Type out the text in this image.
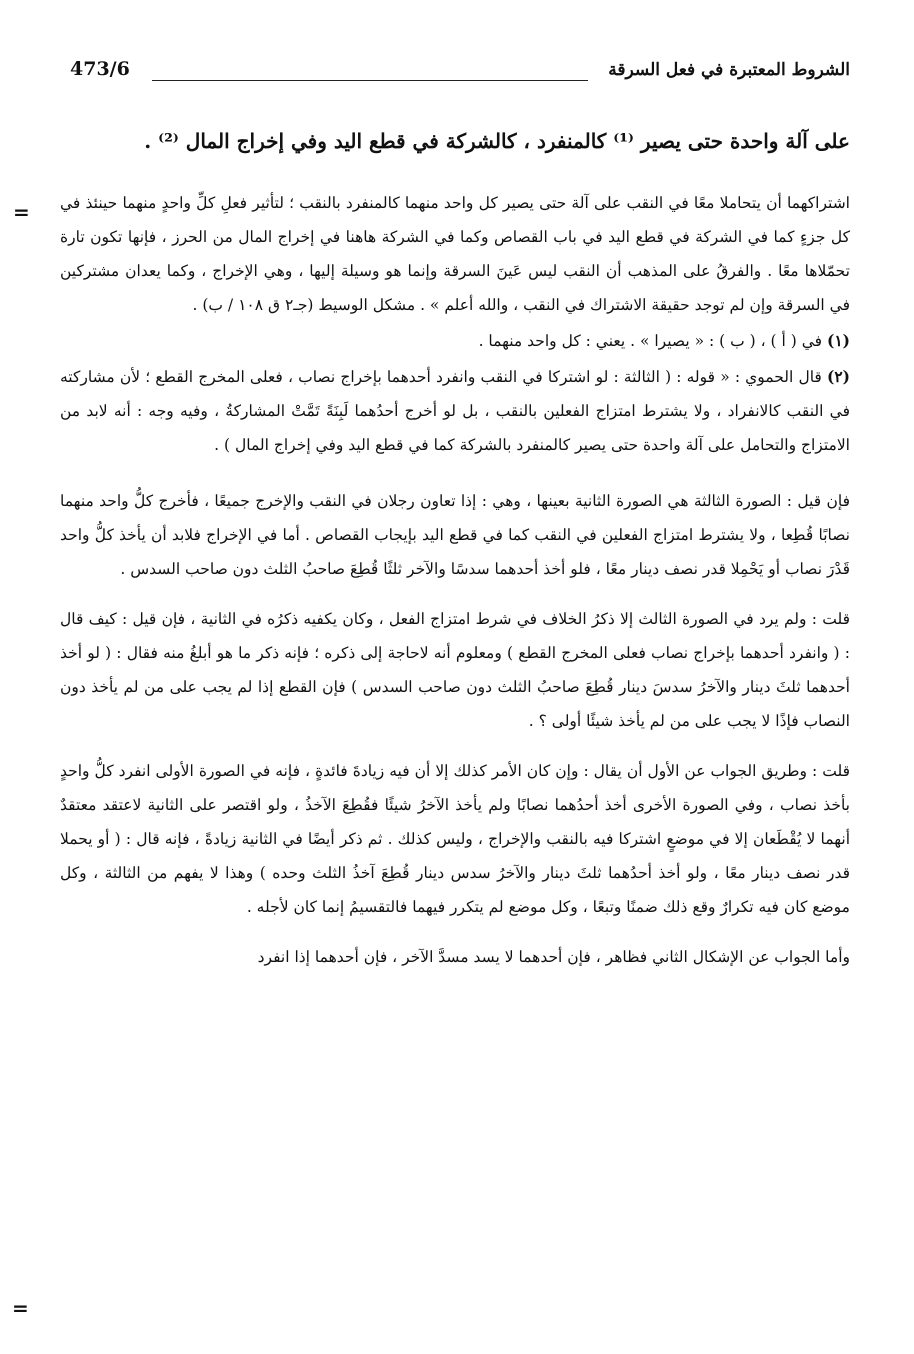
الشروط المعتبرة في فعل السرقة
473/6
على آلة واحدة حتى يصير ⁽¹⁾ كالمنفرد ، كالشركة في قطع اليد وفي إخراج المال ⁽²⁾ .
= اشتراكهما أن يتحاملا معًا في النقب على آلة حتى يصير كل واحد منهما كالمنفرد بالنقب ؛ لتأثير فعلِ كلِّ واحدٍ منهما حينئذ في كل جزءٍ كما في الشركة في قطع اليد في باب القصاص وكما في الشركة هاهنا في إخراج المال من الحرز ، فإنها تكون تارة تحمّلاها معًا . والفرقُ على المذهب أن النقب ليس عَينَ السرقة وإنما هو وسيلة إليها ، وهي الإخراج ، وكما يعدان مشتركين في السرقة وإن لم توجد حقيقة الاشتراك في النقب ، والله أعلم » . مشكل الوسيط (جـ٢ ق ١٠٨ / ب) .

(١) في ( أ ) ، ( ب ) : « يصيرا » . يعني : كل واحد منهما .

(٢) قال الحموي : « قوله : ( الثالثة : لو اشتركا في النقب وانفرد أحدهما بإخراج نصاب ، فعلى المخرج القطع ؛ لأن مشاركته في النقب كالانفراد ، ولا يشترط امتزاج الفعلين بالنقب ، بل لو أخرج أحدُهما لَبِنَةً تَمَّتْ المشاركةُ ، وفيه وجه : أنه لابد من الامتزاج والتحامل على آلة واحدة حتى يصير كالمنفرد بالشركة كما في قطع اليد وفي إخراج المال ) .

فإن قيل : الصورة الثالثة هي الصورة الثانية بعينها ، وهي : إذا تعاون رجلان في النقب والإخرج جميعًا ، فأخرج كلُّ واحد منهما نصابًا قُطِعا ، ولا يشترط امتزاج الفعلين في النقب كما في قطع اليد بإيجاب القصاص . أما في الإخراج فلابد أن يأخذ كلُّ واحد قَدْرَ نصاب أو يَحْمِلا قدر نصف دينار معًا ، فلو أخذ أحدهما سدسًا والآخر ثلثًا قُطِعَ صاحبُ الثلث دون صاحب السدس .

قلت : ولم يرد في الصورة الثالث إلا ذكرُ الخلاف في شرط امتزاج الفعل ، وكان يكفيه ذكرُه في الثانية ، فإن قيل : كيف قال : ( وانفرد أحدهما بإخراج نصاب فعلى المخرج القطع ) ومعلوم أنه لاحاجة إلى ذكره ؛ فإنه ذكر ما هو أبلغُ منه فقال : ( لو أخذ أحدهما ثلثَ دينار والآخرُ سدسَ دينار قُطِعَ صاحبُ الثلث دون صاحب السدس ) فإن القطع إذا لم يجب على من لم يأخذ دون النصاب فإذًا لا يجب على من لم يأخذ شيئًا أولى ؟ .

قلت : وطريق الجواب عن الأول أن يقال : وإن كان الأمر كذلك إلا أن فيه زيادةَ فائدةٍ ، فإنه في الصورة الأولى انفرد كلُّ واحدٍ بأخذ نصاب ، وفي الصورة الأخرى أخذ أحدُهما نصابًا ولم يأخذ الآخرُ شيئًا فقُطِعَ الآخذُ ، ولو اقتصر على الثانية لاعتقد معتقدٌ أنهما لا يُقْطَعان إلا في موضعٍ اشتركا فيه بالنقب والإخراج ، وليس كذلك . ثم ذكر أيضًا في الثانية زيادةً ، فإنه قال : ( أو يحملا قدر نصف دينار معًا ، ولو أخذ أحدُهما ثلثَ دينار والآخرُ سدس دينار قُطِعَ آخذُ الثلث وحده ) وهذا لا يفهم من الثالثة ، وكل موضع كان فيه تكرارٌ وقع ذلك ضمنًا وتبعًا ، وكل موضع لم يتكرر فيهما فالتقسيمُ إنما كان لأجله .

وأما الجواب عن الإشكال الثاني فظاهر ، فإن أحدهما لا يسد مسدَّ الآخر ، فإن أحدهما إذا انفرد

=
